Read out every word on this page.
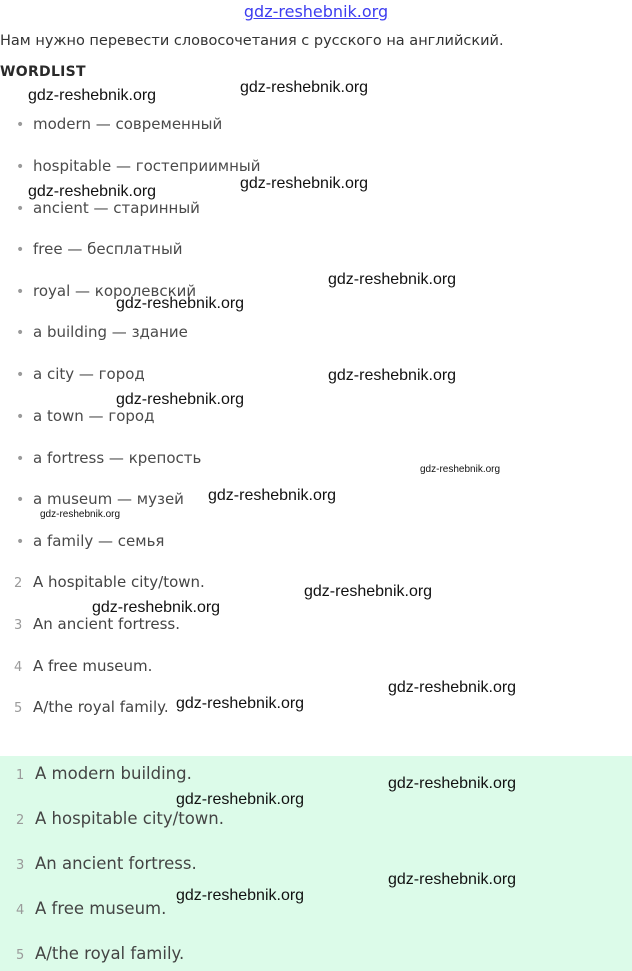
gdz-reshebnik.org
Нам нужно перевести словосочетания с русского на английский.
WORDLIST
• modern — современный
• hospitable — гостеприимный
• ancient — старинный
• free — бесплатный
• royal — королевский
• a building — здание
• a city — город
• a town — город
• a fortress — крепость
• a museum — музей
• a family — семья
2 A hospitable city/town.
3 An ancient fortress.
4 A free museum.
5 A/the royal family.
1 A modern building.
2 A hospitable city/town.
3 An ancient fortress.
4 A free museum.
5 A/the royal family.
gdz-reshebnik.org	gdz-reshebnik.org
gdz-reshebnik.org	gdz-reshebnik.org
gdz-reshebnik.org
gdz-reshebnik.org
gdz-reshebnik.org
gdz-reshebnik.org
gdz-reshebnik.org
gdz-reshebnik.org
gdz-reshebnik.org
gdz-reshebnik.org
gdz-reshebnik.org
gdz-reshebnik.org
gdz-reshebnik.org
gdz-reshebnik.org
gdz-reshebnik.org
gdz-reshebnik.org
gdz-reshebnik.org
